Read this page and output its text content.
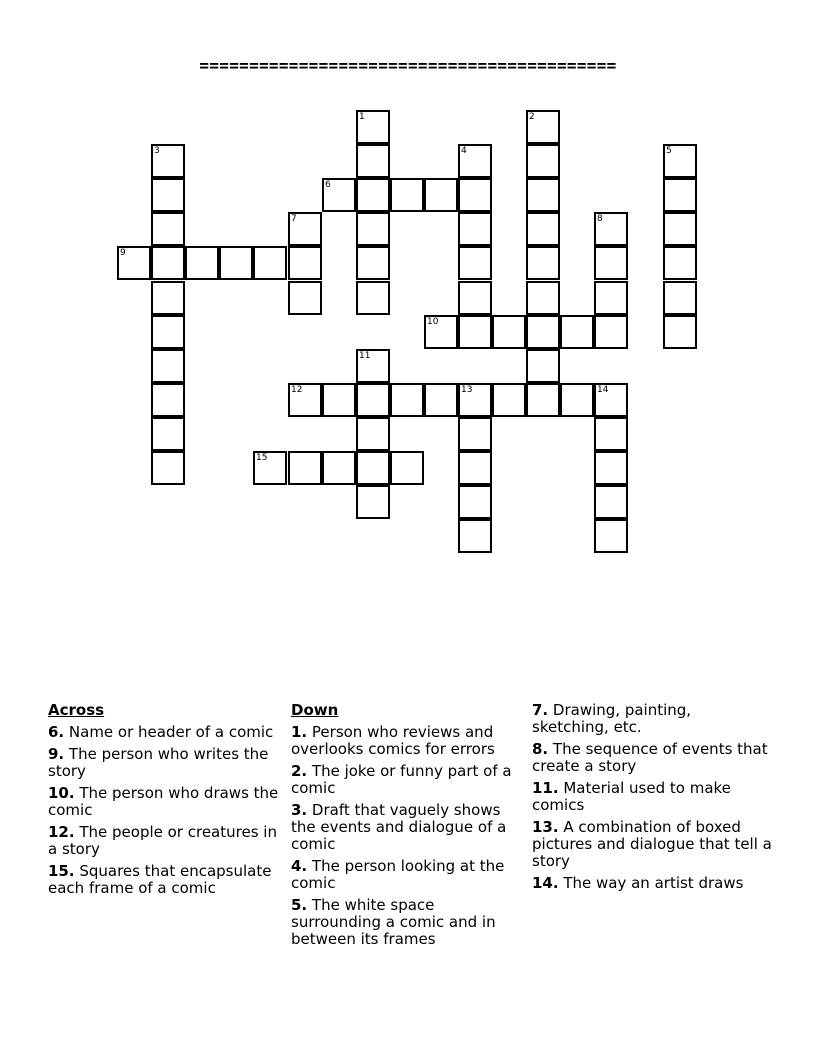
==========================================
1	2
3	4	5
6
7	8
9
10
11
12	13	14
15
Across
6. Name or header of a comic
9. The person who writes the story
10. The person who draws the comic
12. The people or creatures in a story
15. Squares that encapsulate each frame of a comic
Down
1. Person who reviews and overlooks comics for errors
2. The joke or funny part of a comic
3. Draft that vaguely shows the events and dialogue of a comic
4. The person looking at the comic
5. The white space surrounding a comic and in between its frames
7. Drawing, painting, sketching, etc.
8. The sequence of events that create a story
11. Material used to make comics
13. A combination of boxed pictures and dialogue that tell a story
14. The way an artist draws
